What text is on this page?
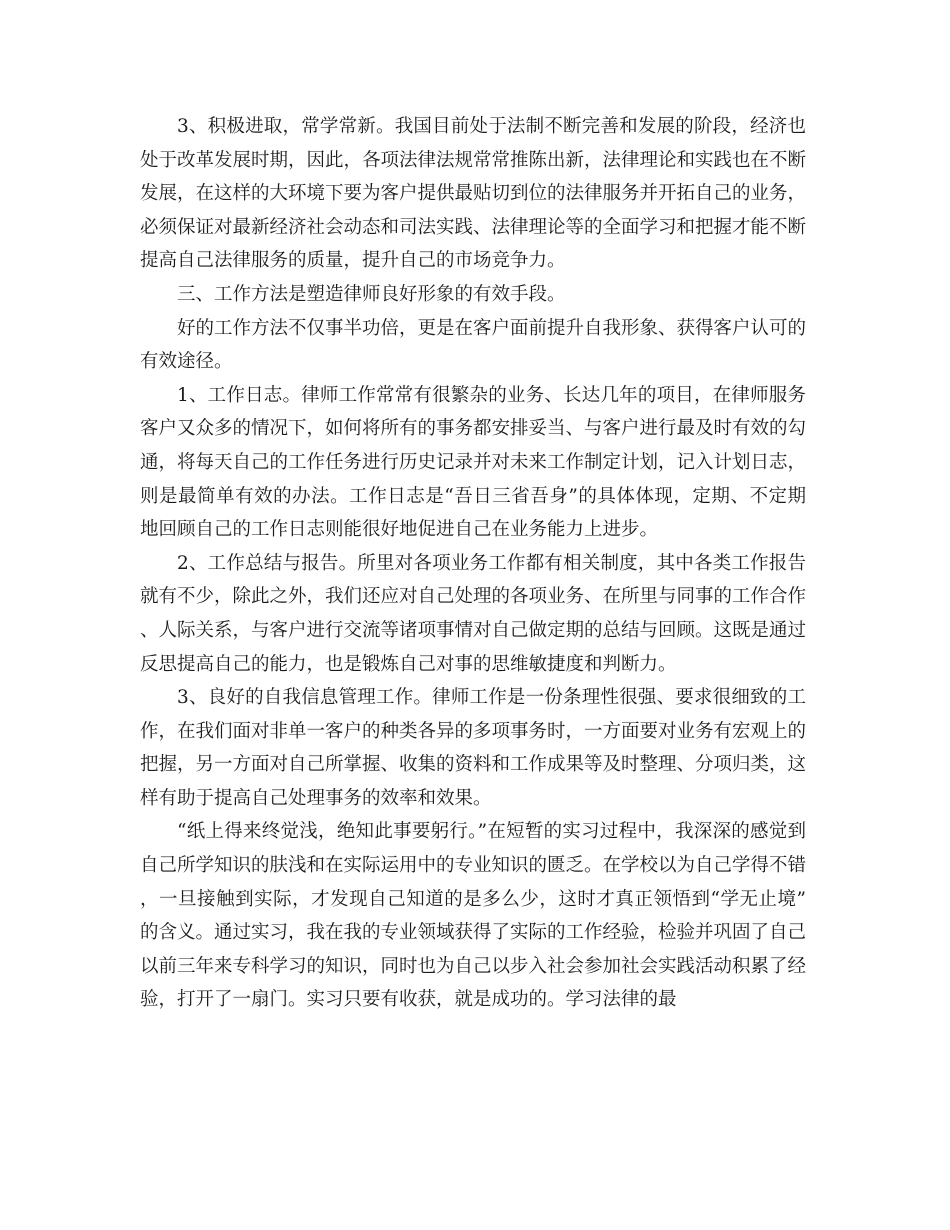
3、积极进取，常学常新。我国目前处于法制不断完善和发展的阶段，经济也处于改革发展时期，因此，各项法律法规常常推陈出新，法律理论和实践也在不断发展，在这样的大环境下要为客户提供最贴切到位的法律服务并开拓自己的业务，必须保证对最新经济社会动态和司法实践、法律理论等的全面学习和把握才能不断提高自己法律服务的质量，提升自己的市场竞争力。

三、工作方法是塑造律师良好形象的有效手段。

好的工作方法不仅事半功倍，更是在客户面前提升自我形象、获得客户认可的有效途径。

1、工作日志。律师工作常常有很繁杂的业务、长达几年的项目，在律师服务客户又众多的情况下，如何将所有的事务都安排妥当、与客户进行最及时有效的勾通，将每天自己的工作任务进行历史记录并对未来工作制定计划，记入计划日志，则是最简单有效的办法。工作日志是“吾日三省吾身”的具体体现，定期、不定期地回顾自己的工作日志则能很好地促进自己在业务能力上进步。

2、工作总结与报告。所里对各项业务工作都有相关制度，其中各类工作报告就有不少，除此之外，我们还应对自己处理的各项业务、在所里与同事的工作合作、人际关系，与客户进行交流等诸项事情对自己做定期的总结与回顾。这既是通过反思提高自己的能力，也是锻炼自己对事的思维敏捷度和判断力。

3、良好的自我信息管理工作。律师工作是一份条理性很强、要求很细致的工作，在我们面对非单一客户的种类各异的多项事务时，一方面要对业务有宏观上的把握，另一方面对自己所掌握、收集的资料和工作成果等及时整理、分项归类，这样有助于提高自己处理事务的效率和效果。

“纸上得来终觉浅，绝知此事要躬行。”在短暂的实习过程中，我深深的感觉到自己所学知识的肤浅和在实际运用中的专业知识的匮乏。在学校以为自己学得不错，一旦接触到实际，才发现自己知道的是多么少，这时才真正领悟到“学无止境”的含义。通过实习，我在我的专业领域获得了实际的工作经验，检验并巩固了自己以前三年来专科学习的知识，同时也为自己以步入社会参加社会实践活动积累了经验，打开了一扇门。实习只要有收获，就是成功的。学习法律的最
